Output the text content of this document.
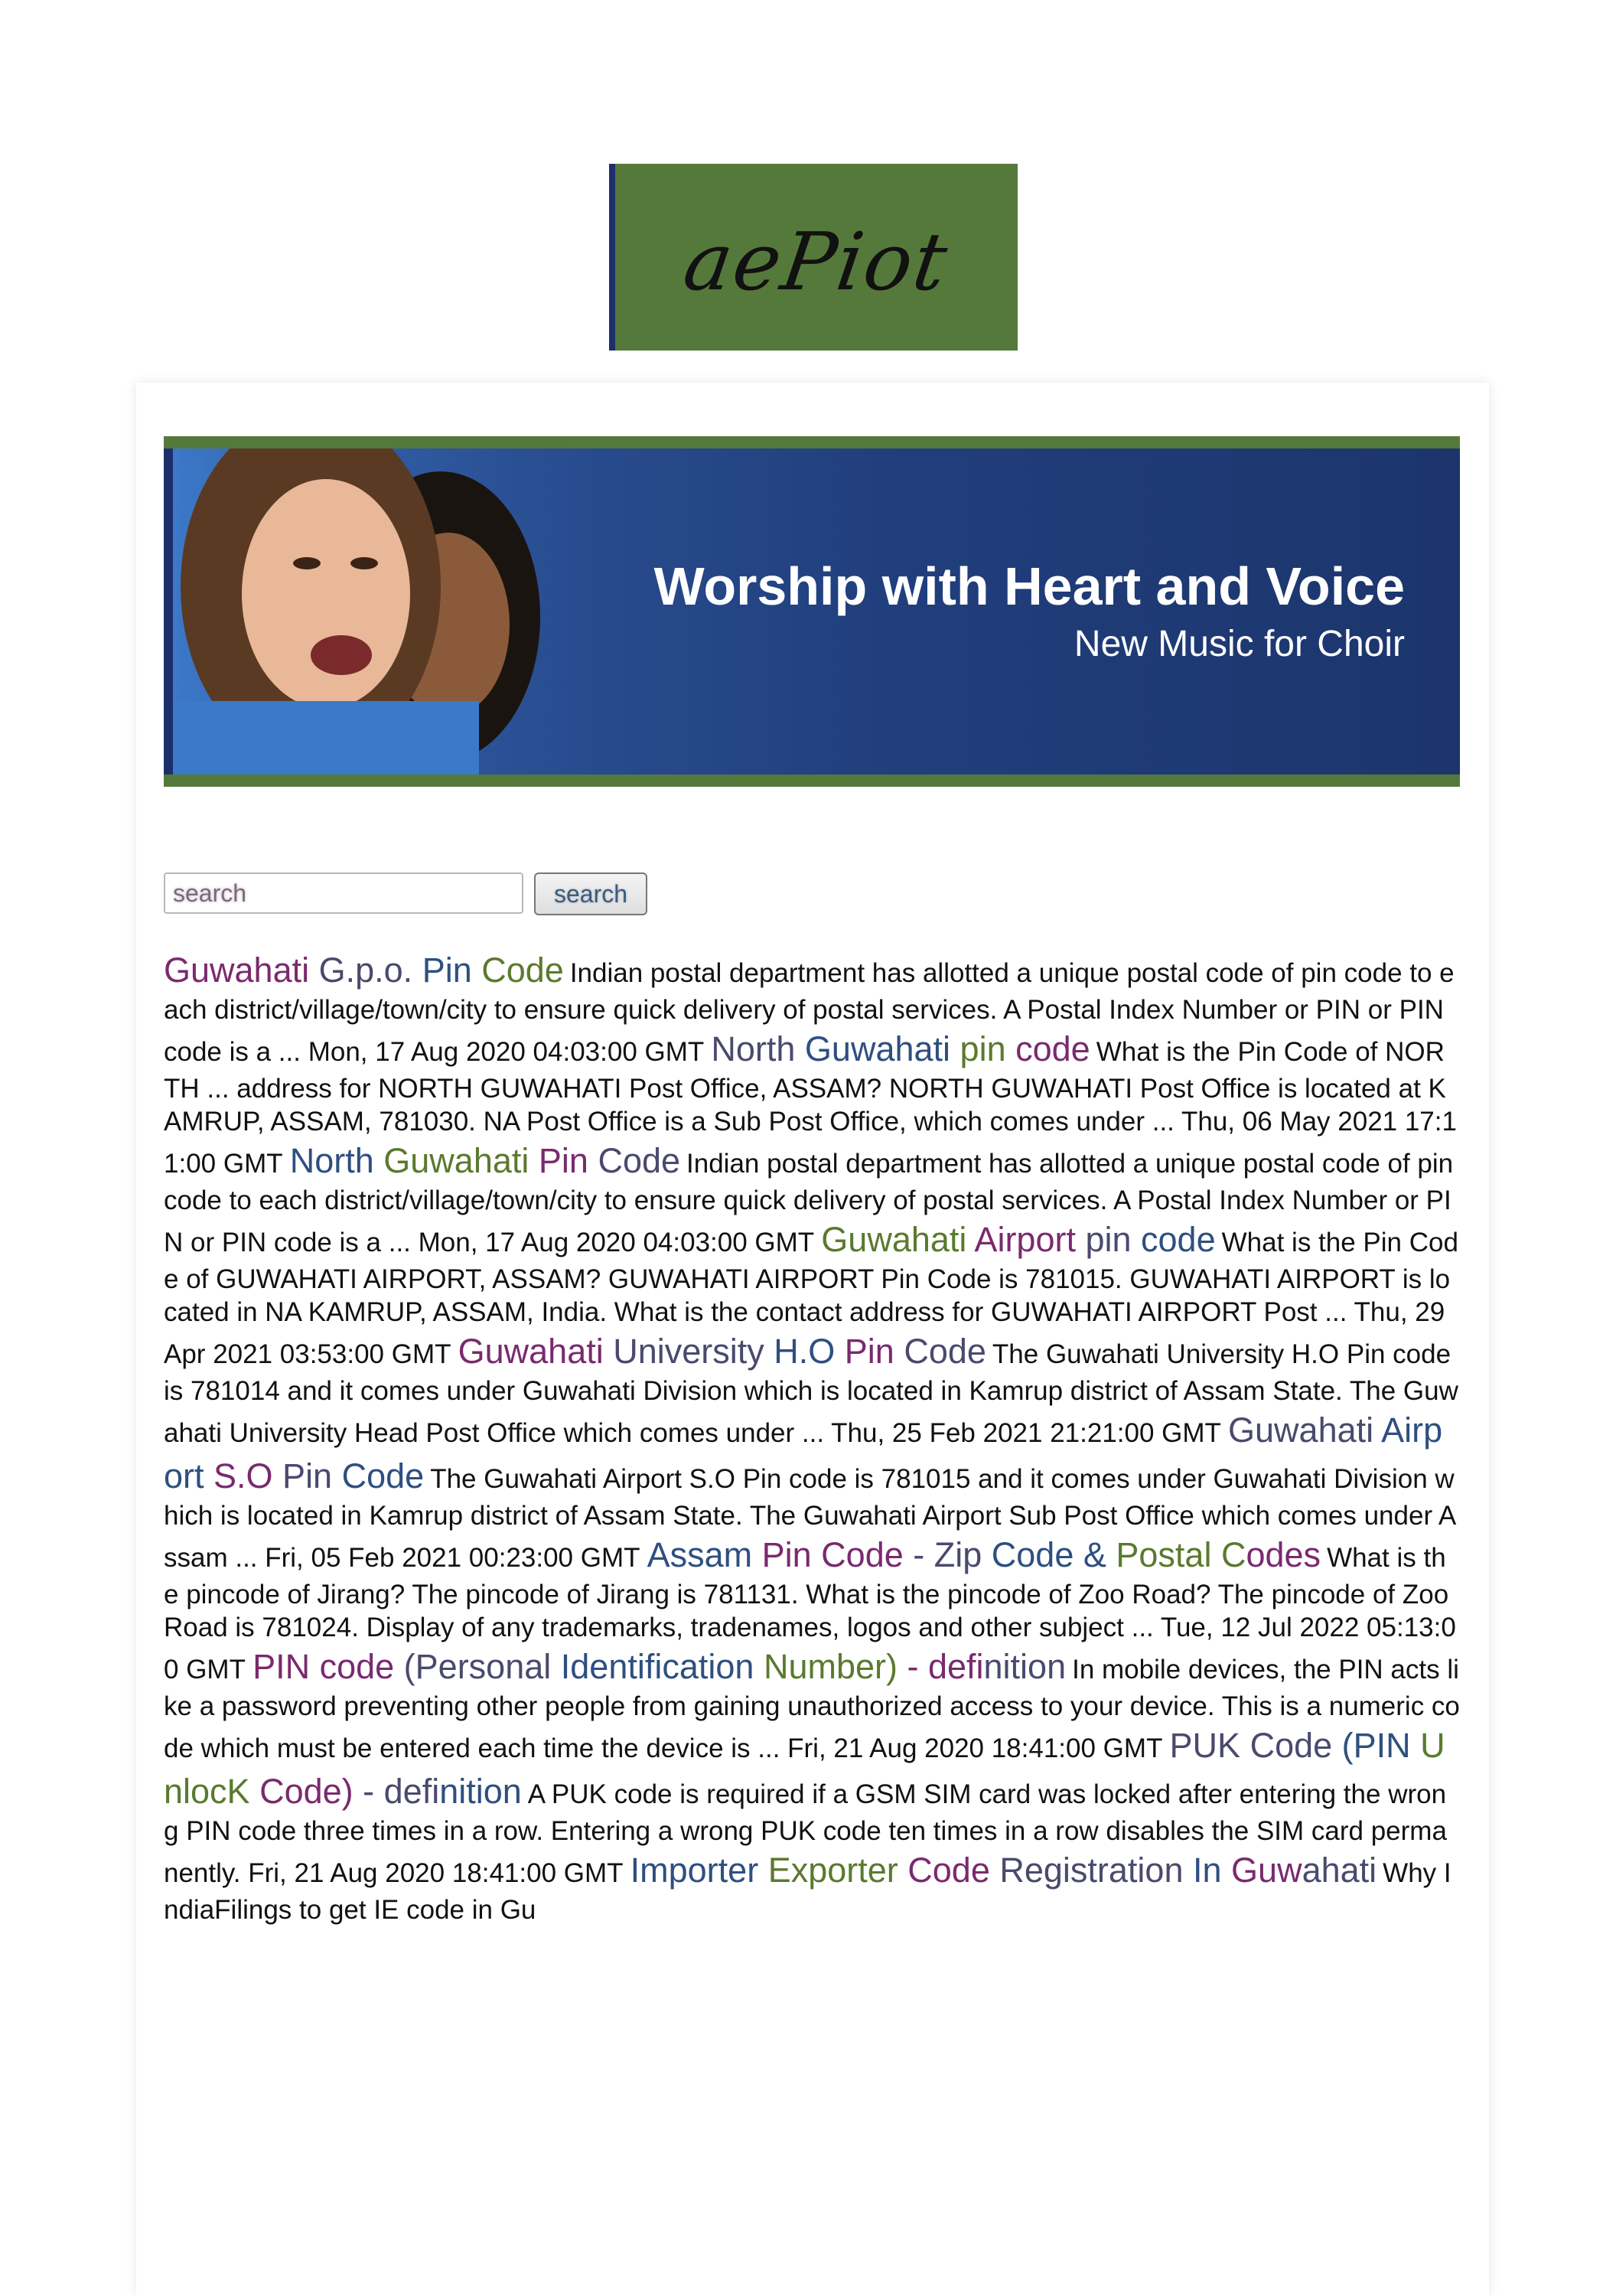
aePiot
Worship with Heart and Voice
New Music for Choir
search
search
Guwahati G.p.o. Pin Code Indian postal department has allotted a unique postal code of pin code to each district/village/town/city to ensure quick delivery of postal services. A Postal Index Number or PIN or PIN code is a ... Mon, 17 Aug 2020 04:03:00 GMT North Guwahati pin code What is the Pin Code of NORTH ... address for NORTH GUWAHATI Post Office, ASSAM? NORTH GUWAHATI Post Office is located at KAMRUP, ASSAM, 781030. NA Post Office is a Sub Post Office, which comes under ... Thu, 06 May 2021 17:11:00 GMT North Guwahati Pin Code Indian postal department has allotted a unique postal code of pin code to each district/village/town/city to ensure quick delivery of postal services. A Postal Index Number or PIN or PIN code is a ... Mon, 17 Aug 2020 04:03:00 GMT Guwahati Airport pin code What is the Pin Code of GUWAHATI AIRPORT, ASSAM? GUWAHATI AIRPORT Pin Code is 781015. GUWAHATI AIRPORT is located in NA KAMRUP, ASSAM, India. What is the contact address for GUWAHATI AIRPORT Post ... Thu, 29 Apr 2021 03:53:00 GMT Guwahati University H.O Pin Code The Guwahati University H.O Pin code is 781014 and it comes under Guwahati Division which is located in Kamrup district of Assam State. The Guwahati University Head Post Office which comes under ... Thu, 25 Feb 2021 21:21:00 GMT Guwahati Airport S.O Pin Code The Guwahati Airport S.O Pin code is 781015 and it comes under Guwahati Division which is located in Kamrup district of Assam State. The Guwahati Airport Sub Post Office which comes under Assam ... Fri, 05 Feb 2021 00:23:00 GMT Assam Pin Code - Zip Code & Postal Codes What is the pincode of Jirang? The pincode of Jirang is 781131. What is the pincode of Zoo Road? The pincode of Zoo Road is 781024. Display of any trademarks, tradenames, logos and other subject ... Tue, 12 Jul 2022 05:13:00 GMT PIN code (Personal Identification Number) - definition In mobile devices, the PIN acts like a password preventing other people from gaining unauthorized access to your device. This is a numeric code which must be entered each time the device is ... Fri, 21 Aug 2020 18:41:00 GMT PUK Code (PIN UnlocK Code) - definition A PUK code is required if a GSM SIM card was locked after entering the wrong PIN code three times in a row. Entering a wrong PUK code ten times in a row disables the SIM card permanently. Fri, 21 Aug 2020 18:41:00 GMT Importer Exporter Code Registration In Guwahati Why IndiaFilings to get IE code in Gu
